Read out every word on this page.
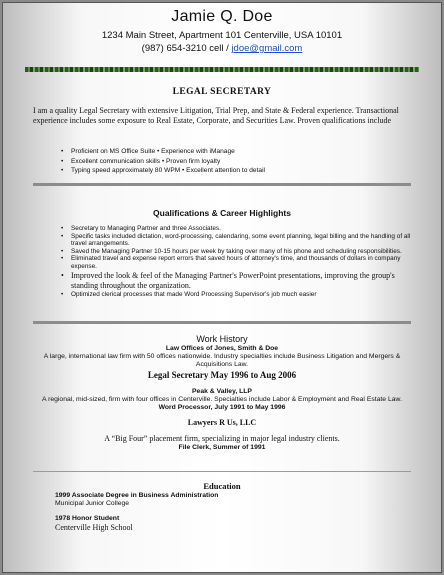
Jamie Q. Doe
1234 Main Street, Apartment 101 Centerville, USA 10101
(987) 654-3210 cell / jdoe@gmail.com
LEGAL SECRETARY
I am a quality Legal Secretary with extensive Litigation, Trial Prep, and State & Federal experience. Transactional experience includes some exposure to Real Estate, Corporate, and Securities Law. Proven qualifications include
• Proficient on MS Office Suite • Experience with iManage
• Excellent communication skills • Proven firm loyalty
• Typing speed approximately 80 WPM • Excellent attention to detail
Qualifications & Career Highlights
• Secretary to Managing Partner and three Associates.
• Specific tasks included dictation, word-processing, calendaring, some event planning, legal billing and the handling of all travel arrangements.
• Saved the Managing Partner 10-15 hours per week by taking over many of his phone and scheduling responsibilities.
• Eliminated travel and expense report errors that saved hours of attorney's time, and thousands of dollars in company expense.
• Improved the look & feel of the Managing Partner's PowerPoint presentations, improving the group's standing throughout the organization.
• Optimized clerical processes that made Word Processing Supervisor's job much easier
Work History
Law Offices of Jones, Smith & Doe
A large, international law firm with 50 offices nationwide. Industry specialties include Business Litigation and Mergers & Acquisitions Law.
Legal Secretary May 1996 to Aug 2006
Peak & Valley, LLP
A regional, mid-sized, firm with four offices in Centerville. Specialties include Labor & Employment and Real Estate Law.
Word Processor, July 1991 to May 1996
Lawyers R Us, LLC
A “Big Four” placement firm, specializing in major legal industry clients.
File Clerk, Summer of 1991
Education
1999 Associate Degree in Business Administration
Municipal Junior College
1978 Honor Student
Centerville High School
